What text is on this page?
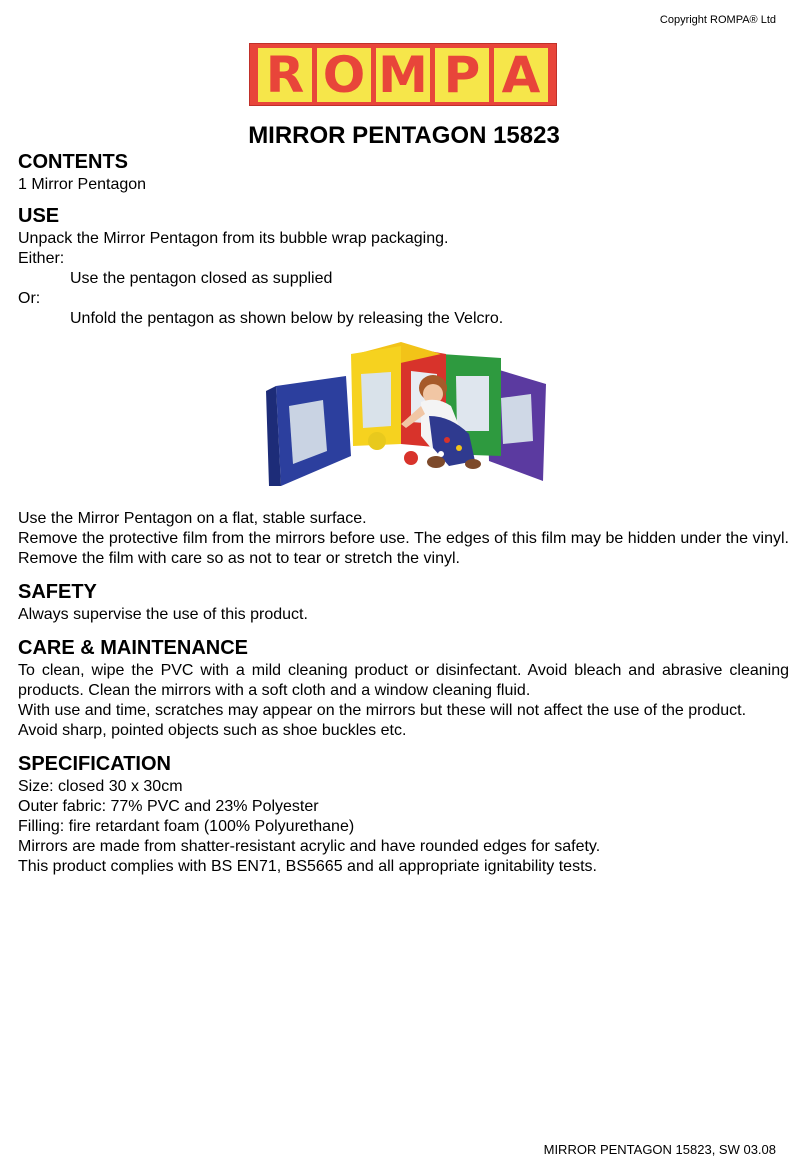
Copyright ROMPA® Ltd
R O M P A
MIRROR PENTAGON 15823
CONTENTS

1 Mirror Pentagon

USE

Unpack the Mirror Pentagon from its bubble wrap packaging.

Either:

Use the pentagon closed as supplied

Or:

Unfold the pentagon as shown below by releasing the Velcro.

Use the Mirror Pentagon on a flat, stable surface.

Remove the protective film from the mirrors before use. The edges of this film may be hidden under the vinyl. Remove the film with care so as not to tear or stretch the vinyl.

SAFETY

Always supervise the use of this product.

CARE & MAINTENANCE

To clean, wipe the PVC with a mild cleaning product or disinfectant. Avoid bleach and abrasive cleaning products. Clean the mirrors with a soft cloth and a window cleaning fluid.

With use and time, scratches may appear on the mirrors but these will not affect the use of the product.

Avoid sharp, pointed objects such as shoe buckles etc.

SPECIFICATION

Size: closed 30 x 30cm

Outer fabric: 77% PVC and 23% Polyester

Filling: fire retardant foam (100% Polyurethane)

Mirrors are made from shatter-resistant acrylic and have rounded edges for safety.

This product complies with BS EN71, BS5665 and all appropriate ignitability tests.

MIRROR PENTAGON 15823, SW 03.08
